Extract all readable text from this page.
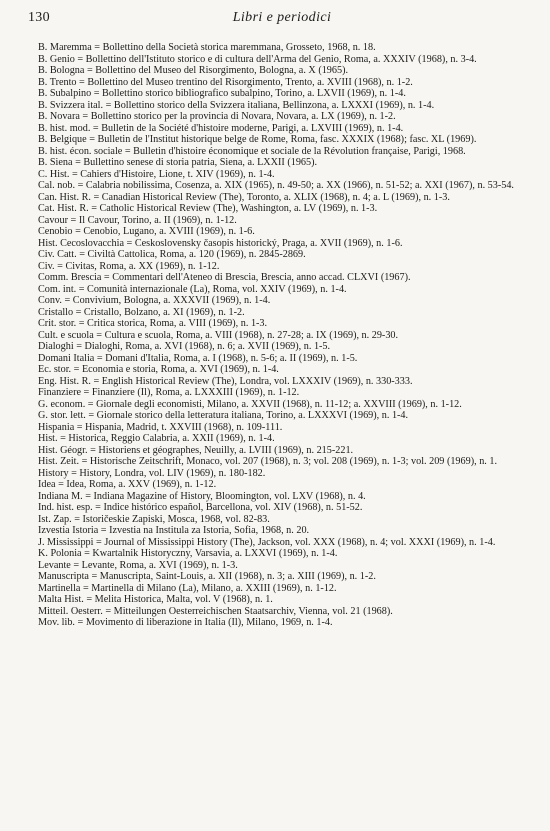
130	Libri e periodici
B. Maremma = Bollettino della Società storica maremmana, Grosseto, 1968, n. 18.
B. Genio = Bollettino dell'Istituto storico e di cultura dell'Arma del Genio, Roma, a. XXXIV (1968), n. 3-4.
B. Bologna = Bollettino del Museo del Risorgimento, Bologna, a. X (1965).
B. Trento = Bollettino del Museo trentino del Risorgimento, Trento, a. XVIII (1968), n. 1-2.
B. Subalpino = Bollettino storico bibliografico subalpino, Torino, a. LXVII (1969), n. 1-4.
B. Svizzera ital. = Bollettino storico della Svizzera italiana, Bellinzona, a. LXXXI (1969), n. 1-4.
B. Novara = Bollettino storico per la provincia di Novara, Novara, a. LX (1969), n. 1-2.
B. hist. mod. = Bulletin de la Société d'histoire moderne, Parigi, a. LXVIII (1969), n. 1-4.
B. Belgique = Bulletin de l'Institut historique belge de Rome, Roma, fasc. XXXIX (1968); fasc. XL (1969).
B. hist. écon. sociale = Bulletin d'histoire économique et sociale de la Révolution française, Parigi, 1968.
B. Siena = Bullettino senese di storia patria, Siena, a. LXXII (1965).
C. Hist. = Cahiers d'Histoire, Lione, t. XIV (1969), n. 1-4.
Cal. nob. = Calabria nobilissima, Cosenza, a. XIX (1965), n. 49-50; a. XX (1966), n. 51-52; a. XXI (1967), n. 53-54.
Can. Hist. R. = Canadian Historical Review (The), Toronto, a. XLIX (1968), n. 4; a. L (1969), n. 1-3.
Cat. Hist. R. = Catholic Historical Review (The), Washington, a. LV (1969), n. 1-3.
Cavour = Il Cavour, Torino, a. II (1969), n. 1-12.
Cenobio = Cenobio, Lugano, a. XVIII (1969), n. 1-6.
Hist. Cecoslovacchia = Ceskoslovensky časopis historický, Praga, a. XVII (1969), n. 1-6.
Civ. Catt. = Civiltà Cattolica, Roma, a. 120 (1969), n. 2845-2869.
Civ. = Civitas, Roma, a. XX (1969), n. 1-12.
Comm. Brescia = Commentari dell'Ateneo di Brescia, Brescia, anno accad. CLXVI (1967).
Com. int. = Comunità internazionale (La), Roma, vol. XXIV (1969), n. 1-4.
Conv. = Convivium, Bologna, a. XXXVII (1969), n. 1-4.
Cristallo = Cristallo, Bolzano, a. XI (1969), n. 1-2.
Crit. stor. = Critica storica, Roma, a. VIII (1969), n. 1-3.
Cult. e scuola = Cultura e scuola, Roma, a. VIII (1968), n. 27-28; a. IX (1969), n. 29-30.
Dialoghi = Dialoghi, Roma, a. XVI (1968), n. 6; a. XVII (1969), n. 1-5.
Domani Italia = Domani d'Italia, Roma, a. I (1968), n. 5-6; a. II (1969), n. 1-5.
Ec. stor. = Economia e storia, Roma, a. XVI (1969), n. 1-4.
Eng. Hist. R. = English Historical Review (The), Londra, vol. LXXXIV (1969), n. 330-333.
Finanziere = Finanziere (Il), Roma, a. LXXXIII (1969), n. 1-12.
G. econom. = Giornale degli economisti, Milano, a. XXVII (1968), n. 11-12; a. XXVIII (1969), n. 1-12.
G. stor. lett. = Giornale storico della letteratura italiana, Torino, a. LXXXVI (1969), n. 1-4.
Hispania = Hispania, Madrid, t. XXVIII (1968), n. 109-111.
Hist. = Historica, Reggio Calabria, a. XXII (1969), n. 1-4.
Hist. Géogr. = Historiens et géographes, Neuilly, a. LVIII (1969), n. 215-221.
Hist. Zeit. = Historische Zeitschrift, Monaco, vol. 207 (1968), n. 3; vol. 208 (1969), n. 1-3; vol. 209 (1969), n. 1.
History = History, Londra, vol. LIV (1969), n. 180-182.
Idea = Idea, Roma, a. XXV (1969), n. 1-12.
Indiana M. = Indiana Magazine of History, Bloomington, vol. LXV (1968), n. 4.
Ind. hist. esp. = Indice histórico español, Barcellona, vol. XIV (1968), n. 51-52.
Ist. Zap. = Istoričeskie Zapiski, Mosca, 1968, vol. 82-83.
Izvestia Istoria = Izvestia na Institula za Istoria, Sofia, 1968, n. 20.
J. Mississippi = Journal of Mississippi History (The), Jackson, vol. XXX (1968), n. 4; vol. XXXI (1969), n. 1-4.
K. Polonia = Kwartalnik Historyczny, Varsavia, a. LXXVI (1969), n. 1-4.
Levante = Levante, Roma, a. XVI (1969), n. 1-3.
Manuscripta = Manuscripta, Saint-Louis, a. XII (1968), n. 3; a. XIII (1969), n. 1-2.
Martinella = Martinella di Milano (La), Milano, a. XXIII (1969), n. 1-12.
Malta Hist. = Melita Historica, Malta, vol. V (1968), n. 1.
Mitteil. Oesterr. = Mitteilungen Oesterreichischen Staatsarchiv, Vienna, vol. 21 (1968).
Mov. lib. = Movimento di liberazione in Italia (Il), Milano, 1969, n. 1-4.
